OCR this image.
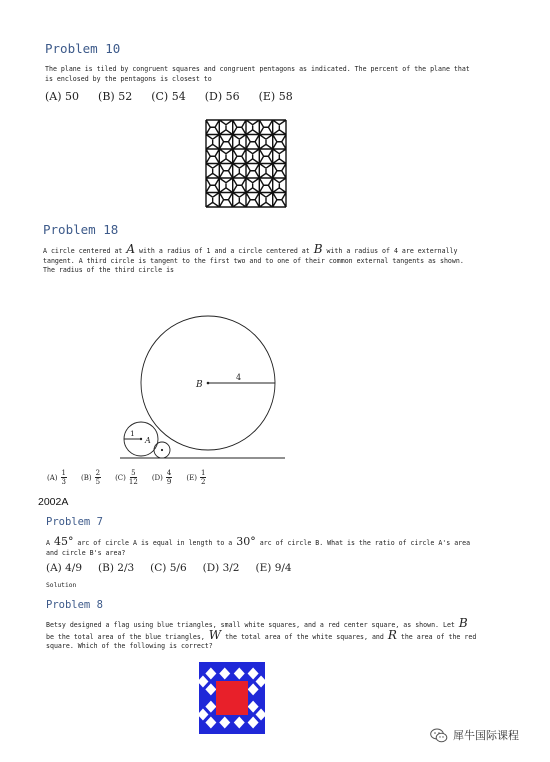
Problem 10
The plane is tiled by congruent squares and congruent pentagons as indicated. The percent of the plane that
is enclosed by the pentagons is closest to
(A) 50 (B) 52 (C) 54 (D) 56 (E) 58
Problem 18
A circle centered at A with a radius of 1 and a circle centered at B with a radius of 4 are externally
tangent. A third circle is tangent to the first two and to one of their common external tangents as shown.
The radius of the third circle is
B
4
1
A
$(A) \frac{1}{3} (B) \frac{2}{5} (C) \frac{5}{12} (D) \frac{4}{9} (E) \frac{1}{2}$
2002A
Problem 7
A 45° arc of circle A is equal in length to a 30° arc of circle B. What is the ratio of circle A's area
and circle B's area?
(A) 4/9 (B) 2/3 (C) 5/6 (D) 3/2 (E) 9/4
Solution
Problem 8
Betsy designed a flag using blue triangles, small white squares, and a red center square, as shown. Let B
be the total area of the blue triangles, W the total area of the white squares, and R the area of the red
square. Which of the following is correct?
犀牛国际课程
